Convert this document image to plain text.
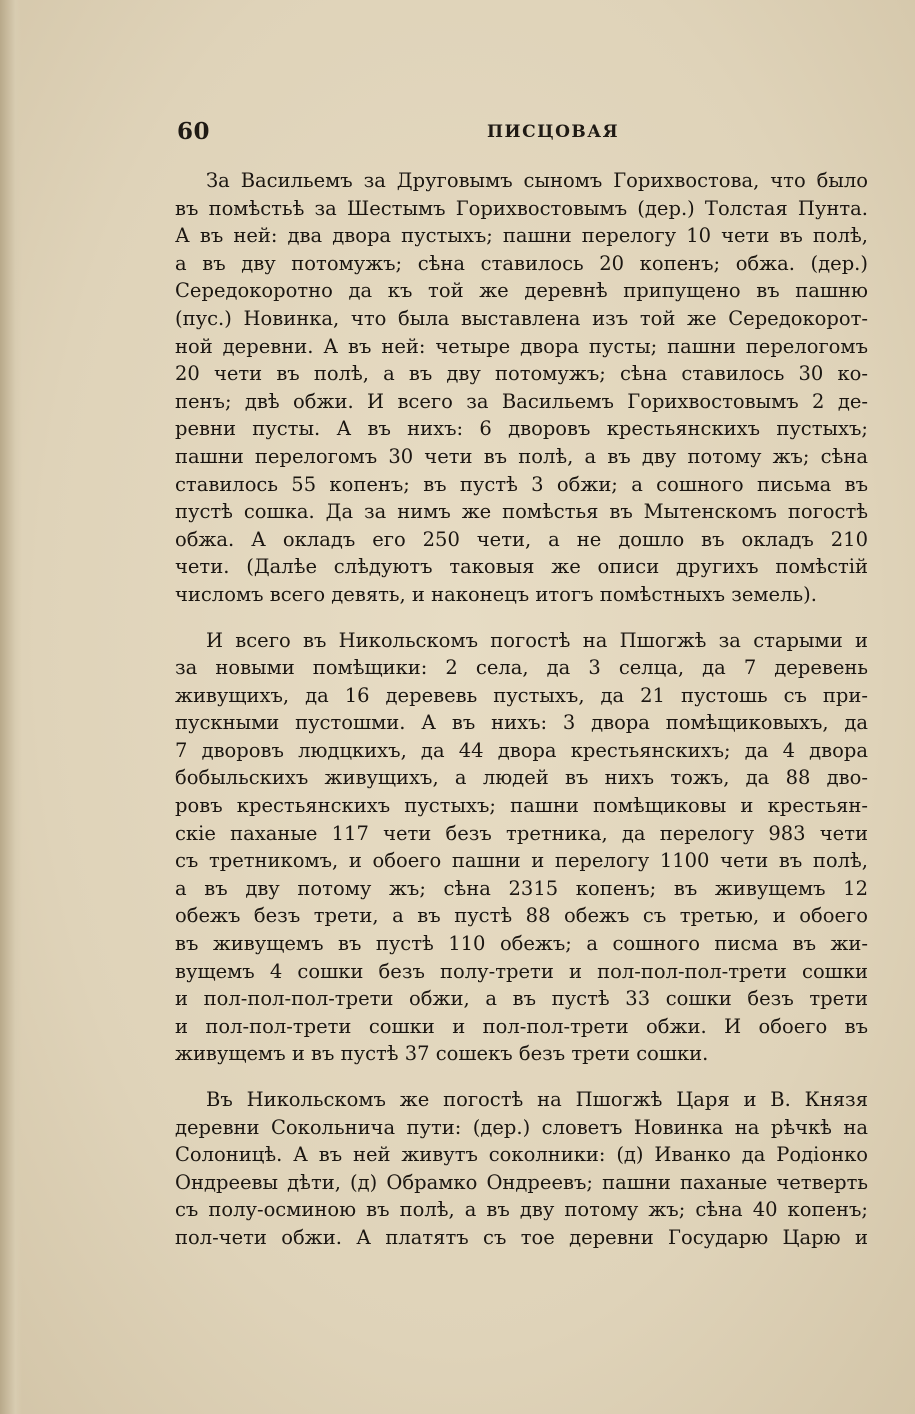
60	ПИСЦОВАЯ

За Васильемъ за Друговымъ сыномъ Горихвостова, что было
въ помѣстьѣ за Шестымъ Горихвостовымъ (дер.) Толстая Пунта.
А въ ней: два двора пустыхъ; пашни перелогу 10 чети въ полѣ,
а въ дву потомужъ; сѣна ставилось 20 копенъ; обжа. (дер.)
Середокоротно да къ той же деревнѣ припущено въ пашню
(пус.) Новинка, что была выставлена изъ той же Середокорот-
ной деревни. А въ ней: четыре двора пусты; пашни перелогомъ
20 чети въ полѣ, а въ дву потомужъ; сѣна ставилось 30 ко-
пенъ; двѣ обжи. И всего за Васильемъ Горихвостовымъ 2 де-
ревни пусты. А въ нихъ: 6 дворовъ крестьянскихъ пустыхъ;
пашни перелогомъ 30 чети въ полѣ, а въ дву потому жъ; сѣна
ставилось 55 копенъ; въ пустѣ 3 обжи; а сошного письма въ
пустѣ сошка. Да за нимъ же помѣстья въ Мытенскомъ погостѣ
обжа. А окладъ его 250 чети, а не дошло въ окладъ 210
чети. (Далѣе слѣдуютъ таковыя же описи другихъ помѣстій
числомъ всего девять, и наконецъ итогъ помѣстныхъ земель).

И всего въ Никольскомъ погостѣ на Пшогжѣ за старыми и
за новыми помѣщики: 2 села, да 3 селца, да 7 деревень
живущихъ, да 16 деревевь пустыхъ, да 21 пустошь съ при-
пускными пустошми. А въ нихъ: 3 двора помѣщиковыхъ, да
7 дворовъ людцкихъ, да 44 двора крестьянскихъ; да 4 двора
бобыльскихъ живущихъ, а людей въ нихъ тожъ, да 88 дво-
ровъ крестьянскихъ пустыхъ; пашни помѣщиковы и крестьян-
скіе паханые 117 чети безъ третника, да перелогу 983 чети
съ третникомъ, и обоего пашни и перелогу 1100 чети въ полѣ,
а въ дву потому жъ; сѣна 2315 копенъ; въ живущемъ 12
обежъ безъ трети, а въ пустѣ 88 обежъ съ третью, и обоего
въ живущемъ въ пустѣ 110 обежъ; а сошного писма въ жи-
вущемъ 4 сошки безъ полу-трети и пол-пол-пол-трети сошки
и пол-пол-пол-трети обжи, а въ пустѣ 33 сошки безъ трети
и пол-пол-трети сошки и пол-пол-трети обжи. И обоего въ
живущемъ и въ пустѣ 37 сошекъ безъ трети сошки.

Въ Никольскомъ же погостѣ на Пшогжѣ Царя и В. Князя
деревни Сокольнича пути: (дер.) словетъ Новинка на рѣчкѣ на
Солоницѣ. А въ ней живутъ соколники: (д) Иванко да Родіонко
Ондреевы дѣти, (д) Обрамко Ондреевъ; пашни паханые четверть
съ полу-осминою въ полѣ, а въ дву потому жъ; сѣна 40 копенъ;
пол-чети обжи. А платятъ съ тое деревни Государю Царю и
